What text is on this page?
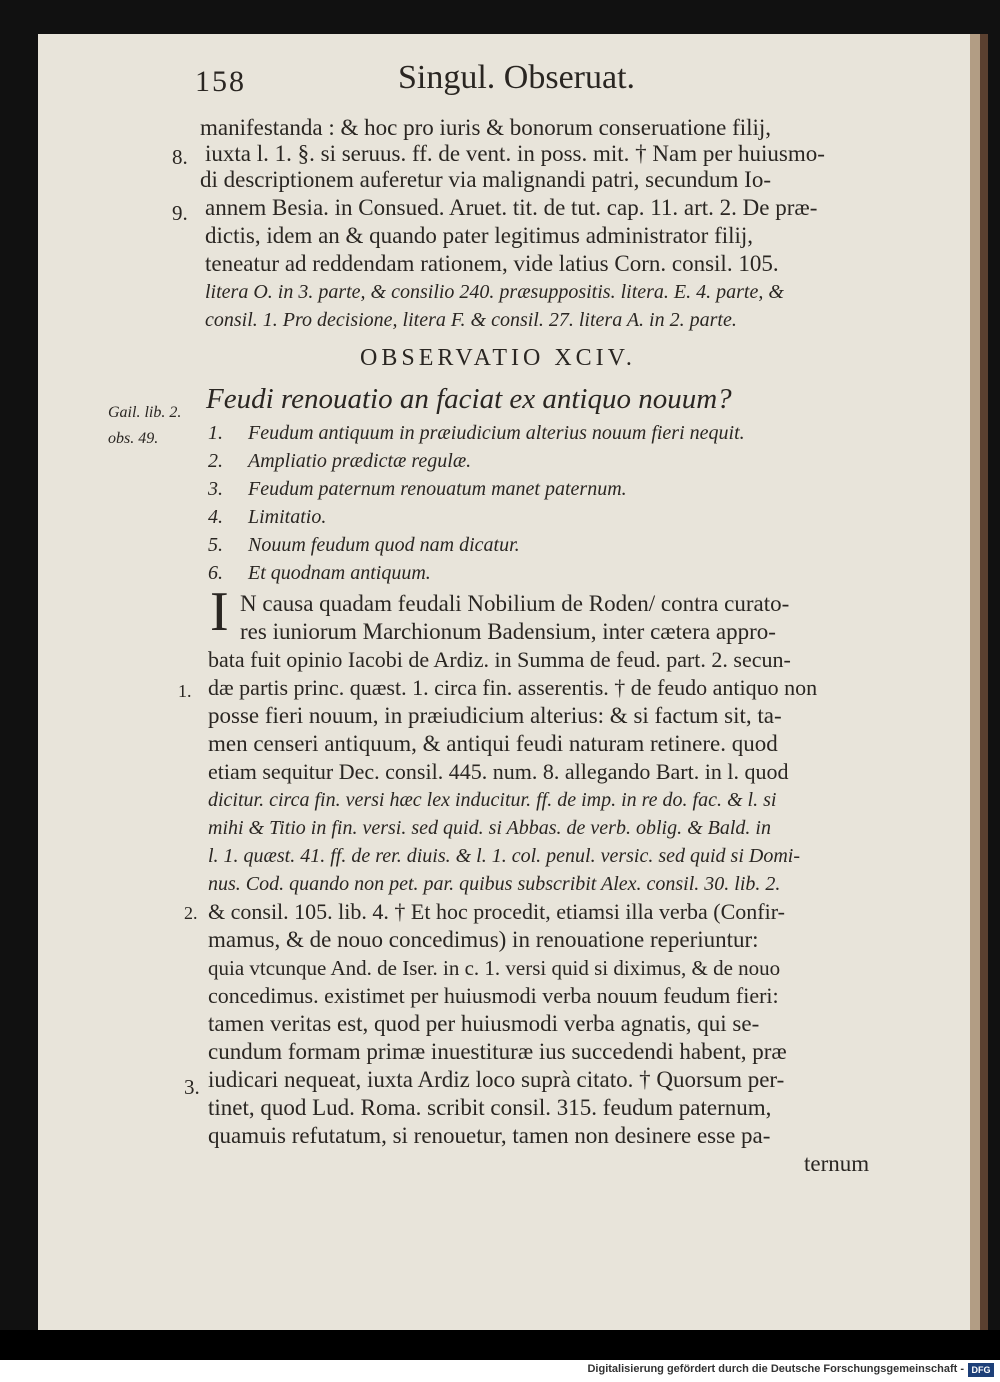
158	Singul. Obseruat.
manifestanda : & hoc pro iuris & bonorum conseruatione filij,
iuxta l. 1. §. si seruus. ff. de vent. in poss. mit. † Nam per huiusmo-
di descriptionem auferetur via malignandi patri, secundum Io-
annem Besia. in Consued. Aruet. tit. de tut. cap. 11. art. 2. De præ-
dictis, idem an & quando pater legitimus administrator filij,
teneatur ad reddendam rationem, vide latius Corn. consil. 105.
litera O. in 3. parte, & consilio 240. præsuppositis. litera. E. 4. parte, &
consil. 1. Pro decisione, litera F. & consil. 27. litera A. in 2. parte.
8.
9.
OBSERVATIO XCIV.
Feudi renouatio an faciat ex antiquo nouum?
Gail. lib. 2.
obs. 49. 1. Feudum antiquum in præiudicium alterius nouum fieri nequit.
2. Ampliatio prædictæ regulæ.
3. Feudum paternum renouatum manet paternum.
4. Limitatio.
5. Nouum feudum quod nam dicatur.
6. Et quodnam antiquum.
I N causa quadam feudali Nobilium de Roden/ contra curato-
res iuniorum Marchionum Badensium, inter cætera appro-
bata fuit opinio Iacobi de Ardiz. in Summa de feud. part. 2. secun-
dæ partis princ. quæst. 1. circa fin. asserentis. † de feudo antiquo non
posse fieri nouum, in præiudicium alterius: & si factum sit, ta-
men censeri antiquum, & antiqui feudi naturam retinere. quod
etiam sequitur Dec. consil. 445. num. 8. allegando Bart. in l. quod
dicitur. circa fin. versi hæc lex inducitur. ff. de imp. in re do. fac. & l. si
mihi & Titio in fin. versi. sed quid. si Abbas. de verb. oblig. & Bald. in
l. 1. quæst. 41. ff. de rer. diuis. & l. 1. col. penul. versic. sed quid si Domi-
nus. Cod. quando non pet. par. quibus subscribit Alex. consil. 30. lib. 2.
& consil. 105. lib. 4. † Et hoc procedit, etiamsi illa verba (Confir-
mamus, & de nouo concedimus) in renouatione reperiuntur:
quia vtcunque And. de Iser. in c. 1. versi quid si diximus, & de nouo
concedimus. existimet per huiusmodi verba nouum feudum fieri:
tamen veritas est, quod per huiusmodi verba agnatis, qui se-
cundum formam primæ inuestituræ ius succedendi habent, præ
iudicari nequeat, iuxta Ardiz loco suprà citato. † Quorsum per-
tinet, quod Lud. Roma. scribit consil. 315. feudum paternum,
quamuis refutatum, si renouetur, tamen non desinere esse pa-
ternum
1.
2.
3.
Digitalisierung gefördert durch die Deutsche Forschungsgemeinschaft - DFG
